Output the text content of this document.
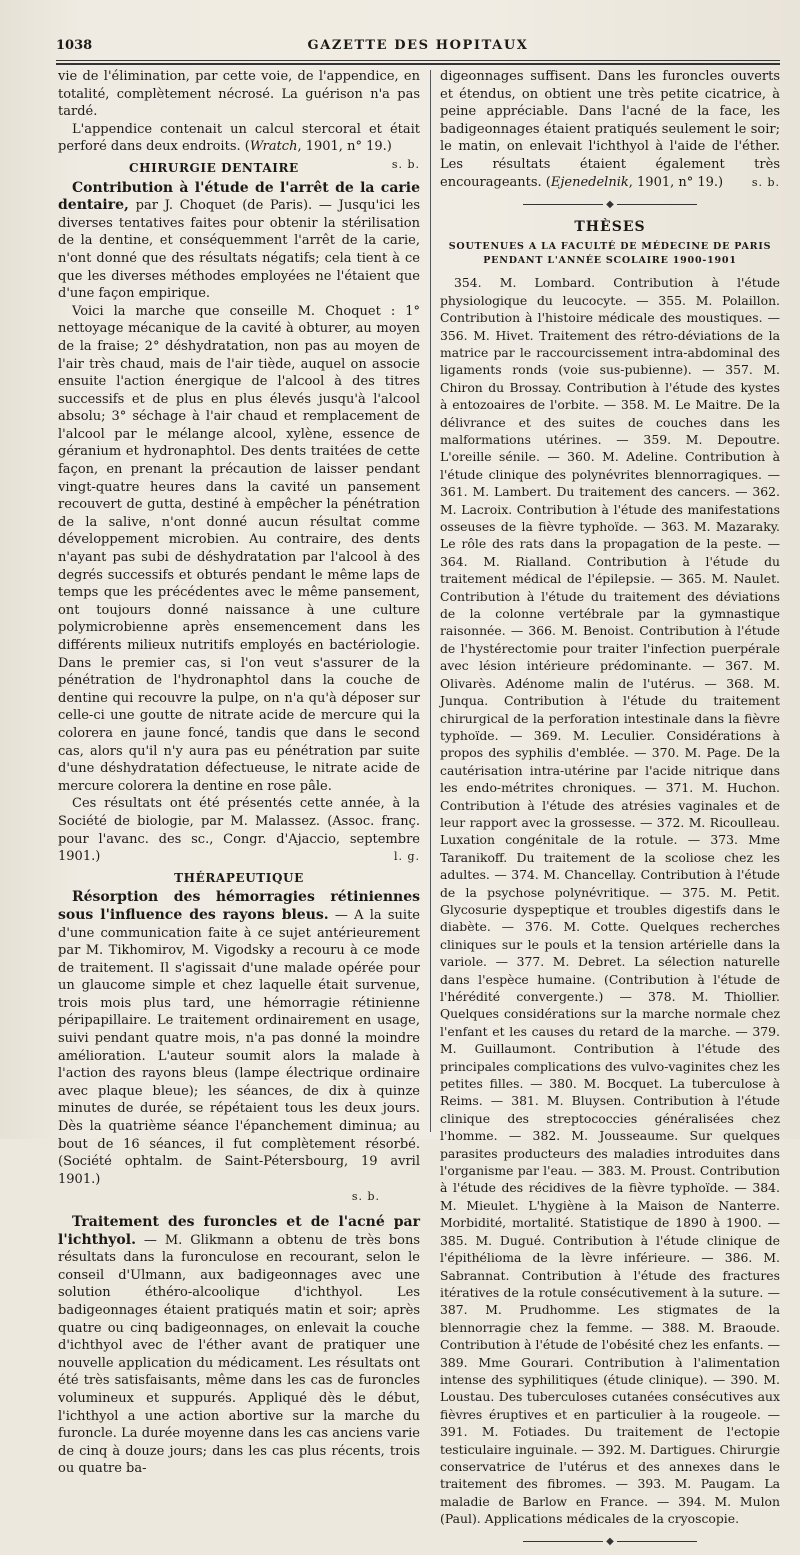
1038	GAZETTE DES HOPITAUX

vie de l'élimination, par cette voie, de l'appendice, en totalité, complètement nécrosé. La guérison n'a pas tardé.

L'appendice contenait un calcul stercoral et était perforé dans deux endroits. (Wratch, 1901, n° 19.)
s. b.

CHIRURGIE DENTAIRE

Contribution à l'étude de l'arrêt de la carie dentaire, par J. Choquet (de Paris). — Jusqu'ici les diverses tentatives faites pour obtenir la stérilisation de la dentine, et conséquemment l'arrêt de la carie, n'ont donné que des résultats négatifs; cela tient à ce que les diverses méthodes employées ne l'étaient que d'une façon empirique.

Voici la marche que conseille M. Choquet : 1° nettoyage mécanique de la cavité à obturer, au moyen de la fraise; 2° déshydratation, non pas au moyen de l'air très chaud, mais de l'air tiède, auquel on associe ensuite l'action énergique de l'alcool à des titres successifs et de plus en plus élevés jusqu'à l'alcool absolu; 3° séchage à l'air chaud et remplacement de l'alcool par le mélange alcool, xylène, essence de géranium et hydronaphtol. Des dents traitées de cette façon, en prenant la précaution de laisser pendant vingt-quatre heures dans la cavité un pansement recouvert de gutta, destiné à empêcher la pénétration de la salive, n'ont donné aucun résultat comme développement microbien. Au contraire, des dents n'ayant pas subi de déshydratation par l'alcool à des degrés successifs et obturés pendant le même laps de temps que les précédentes avec le même pansement, ont toujours donné naissance à une culture polymicrobienne après ensemencement dans les différents milieux nutritifs employés en bactériologie. Dans le premier cas, si l'on veut s'assurer de la pénétration de l'hydronaphtol dans la couche de dentine qui recouvre la pulpe, on n'a qu'à déposer sur celle-ci une goutte de nitrate acide de mercure qui la colorera en jaune foncé, tandis que dans le second cas, alors qu'il n'y aura pas eu pénétration par suite d'une déshydratation défectueuse, le nitrate acide de mercure colorera la dentine en rose pâle.

Ces résultats ont été présentés cette année, à la Société de biologie, par M. Malassez. (Assoc. franç. pour l'avanc. des sc., Congr. d'Ajaccio, septembre 1901.)	l. g.

THÉRAPEUTIQUE

Résorption des hémorragies rétiniennes sous l'influence des rayons bleus. — A la suite d'une communication faite à ce sujet antérieurement par M. Tikhomirov, M. Vigodsky a recouru à ce mode de traitement. Il s'agissait d'une malade opérée pour un glaucome simple et chez laquelle était survenue, trois mois plus tard, une hémorragie rétinienne péripapillaire. Le traitement ordinairement en usage, suivi pendant quatre mois, n'a pas donné la moindre amélioration. L'auteur soumit alors la malade à l'action des rayons bleus (lampe électrique ordinaire avec plaque bleue); les séances, de dix à quinze minutes de durée, se répétaient tous les deux jours. Dès la quatrième séance l'épanchement diminua; au bout de 16 séances, il fut complètement résorbé. (Société ophtalm. de Saint-Pétersbourg, 19 avril 1901.)

s. b.

Traitement des furoncles et de l'acné par l'ichthyol. — M. Glikmann a obtenu de très bons résultats dans la furonculose en recourant, selon le conseil d'Ulmann, aux badigeonnages avec une solution éthéro-alcoolique d'ichthyol. Les badigeonnages étaient pratiqués matin et soir; après quatre ou cinq badigeonnages, on enlevait la couche d'ichthyol avec de l'éther avant de pratiquer une nouvelle application du médicament. Les résultats ont été très satisfaisants, même dans les cas de furoncles volumineux et suppurés. Appliqué dès le début, l'ichthyol a une action abortive sur la marche du furoncle. La durée moyenne dans les cas anciens varie de cinq à douze jours; dans les cas plus récents, trois ou quatre ba-

digeonnages suffisent. Dans les furoncles ouverts et étendus, on obtient une très petite cicatrice, à peine appréciable. Dans l'acné de la face, les badigeonnages étaient pratiqués seulement le soir; le matin, on enlevait l'ichthyol à l'aide de l'éther. Les résultats étaient également très encourageants. (Ejenedelnik, 1901, n° 19.)	s. b.

◆
THÈSES
SOUTENUES A LA FACULTÉ DE MÉDECINE DE PARIS
PENDANT L'ANNÉE SCOLAIRE 1900-1901

354. M. Lombard. Contribution à l'étude physiologique du leucocyte. — 355. M. Polaillon. Contribution à l'histoire médicale des moustiques. — 356. M. Hivet. Traitement des rétro-déviations de la matrice par le raccourcissement intra-abdominal des ligaments ronds (voie sus-pubienne). — 357. M. Chiron du Brossay. Contribution à l'étude des kystes à entozoaires de l'orbite. — 358. M. Le Maitre. De la délivrance et des suites de couches dans les malformations utérines. — 359. M. Depoutre. L'oreille sénile. — 360. M. Adeline. Contribution à l'étude clinique des polynévrites blennorragiques. — 361. M. Lambert. Du traitement des cancers. — 362. M. Lacroix. Contribution à l'étude des manifestations osseuses de la fièvre typhoïde. — 363. M. Mazaraky. Le rôle des rats dans la propagation de la peste. — 364. M. Rialland. Contribution à l'étude du traitement médical de l'épilepsie. — 365. M. Naulet. Contribution à l'étude du traitement des déviations de la colonne vertébrale par la gymnastique raisonnée. — 366. M. Benoist. Contribution à l'étude de l'hystérectomie pour traiter l'infection puerpérale avec lésion intérieure prédominante. — 367. M. Olivarès. Adénome malin de l'utérus. — 368. M. Junqua. Contribution à l'étude du traitement chirurgical de la perforation intestinale dans la fièvre typhoïde. — 369. M. Leculier. Considérations à propos des syphilis d'emblée. — 370. M. Page. De la cautérisation intra-utérine par l'acide nitrique dans les endo-métrites chroniques. — 371. M. Huchon. Contribution à l'étude des atrésies vaginales et de leur rapport avec la grossesse. — 372. M. Ricoulleau. Luxation congénitale de la rotule. — 373. Mme Taranikoff. Du traitement de la scoliose chez les adultes. — 374. M. Chancellay. Contribution à l'étude de la psychose polynévritique. — 375. M. Petit. Glycosurie dyspeptique et troubles digestifs dans le diabète. — 376. M. Cotte. Quelques recherches cliniques sur le pouls et la tension artérielle dans la variole. — 377. M. Debret. La sélection naturelle dans l'espèce humaine. (Contribution à l'étude de l'hérédité convergente.) — 378. M. Thiollier. Quelques considérations sur la marche normale chez l'enfant et les causes du retard de la marche. — 379. M. Guillaumont. Contribution à l'étude des principales complications des vulvo-vaginites chez les petites filles. — 380. M. Bocquet. La tuberculose à Reims. — 381. M. Bluysen. Contribution à l'étude clinique des streptococcies généralisées chez l'homme. — 382. M. Jousseaume. Sur quelques parasites producteurs des maladies introduites dans l'organisme par l'eau. — 383. M. Proust. Contribution à l'étude des récidives de la fièvre typhoïde. — 384. M. Mieulet. L'hygiène à la Maison de Nanterre. Morbidité, mortalité. Statistique de 1890 à 1900. — 385. M. Dugué. Contribution à l'étude clinique de l'épithélioma de la lèvre inférieure. — 386. M. Sabrannat. Contribution à l'étude des fractures itératives de la rotule consécutivement à la suture. — 387. M. Prudhomme. Les stigmates de la blennorragie chez la femme. — 388. M. Braoude. Contribution à l'étude de l'obésité chez les enfants. — 389. Mme Gourari. Contribution à l'alimentation intense des syphilitiques (étude clinique). — 390. M. Loustau. Des tuberculoses cutanées consécutives aux fièvres éruptives et en particulier à la rougeole. — 391. M. Fotiades. Du traitement de l'ectopie testiculaire inguinale. — 392. M. Dartigues. Chirurgie conservatrice de l'utérus et des annexes dans le traitement des fibromes. — 393. M. Paugam. La maladie de Barlow en France. — 394. M. Mulon (Paul). Applications médicales de la cryoscopie.

◆
